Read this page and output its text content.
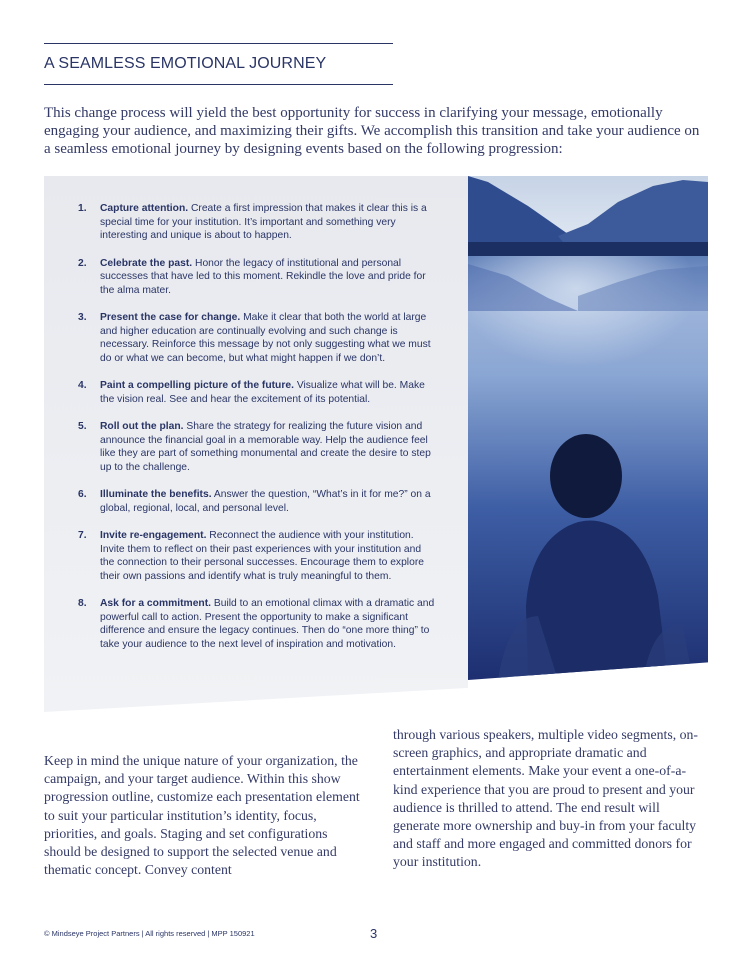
A SEAMLESS EMOTIONAL JOURNEY

This change process will yield the best opportunity for success in clarifying your message, emotionally engaging your audience, and maximizing their gifts. We accomplish this transition and take your audience on a seamless emotional journey by designing events based on the following progression:

1. Capture attention. Create a first impression that makes it clear this is a special time for your institution. It’s important and something very interesting and unique is about to happen.
2. Celebrate the past. Honor the legacy of institutional and personal successes that have led to this moment. Rekindle the love and pride for the alma mater.
3. Present the case for change. Make it clear that both the world at large and higher education are continually evolving and such change is necessary. Reinforce this message by not only suggesting what we must do or what we can become, but what might happen if we don’t.
4. Paint a compelling picture of the future. Visualize what will be. Make the vision real. See and hear the excitement of its potential.
5. Roll out the plan. Share the strategy for realizing the future vision and announce the financial goal in a memorable way. Help the audience feel like they are part of something monumental and create the desire to step up to the challenge.
6. Illuminate the benefits. Answer the question, “What’s in it for me?” on a global, regional, local, and personal level.
7. Invite re-engagement. Reconnect the audience with your institution. Invite them to reflect on their past experiences with your institution and the connection to their personal successes. Encourage them to explore their own passions and identify what is truly meaningful to them.
8. Ask for a commitment. Build to an emotional climax with a dramatic and powerful call to action. Present the opportunity to make a significant difference and ensure the legacy continues. Then do “one more thing” to take your audience to the next level of inspiration and motivation.

Keep in mind the unique nature of your organization, the campaign, and your target audience. Within this show progression outline, customize each presentation element to suit your particular institution’s identity, focus, priorities, and goals. Staging and set configurations should be designed to support the selected venue and thematic concept. Convey content

through various speakers, multiple video segments, on-screen graphics, and appropriate dramatic and entertainment elements. Make your event a one-of-a-kind experience that you are proud to present and your audience is thrilled to attend. The end result will generate more ownership and buy-in from your faculty and staff and more engaged and committed donors for your institution.

© Mindseye Project Partners | All rights reserved | MPP 150921	3
